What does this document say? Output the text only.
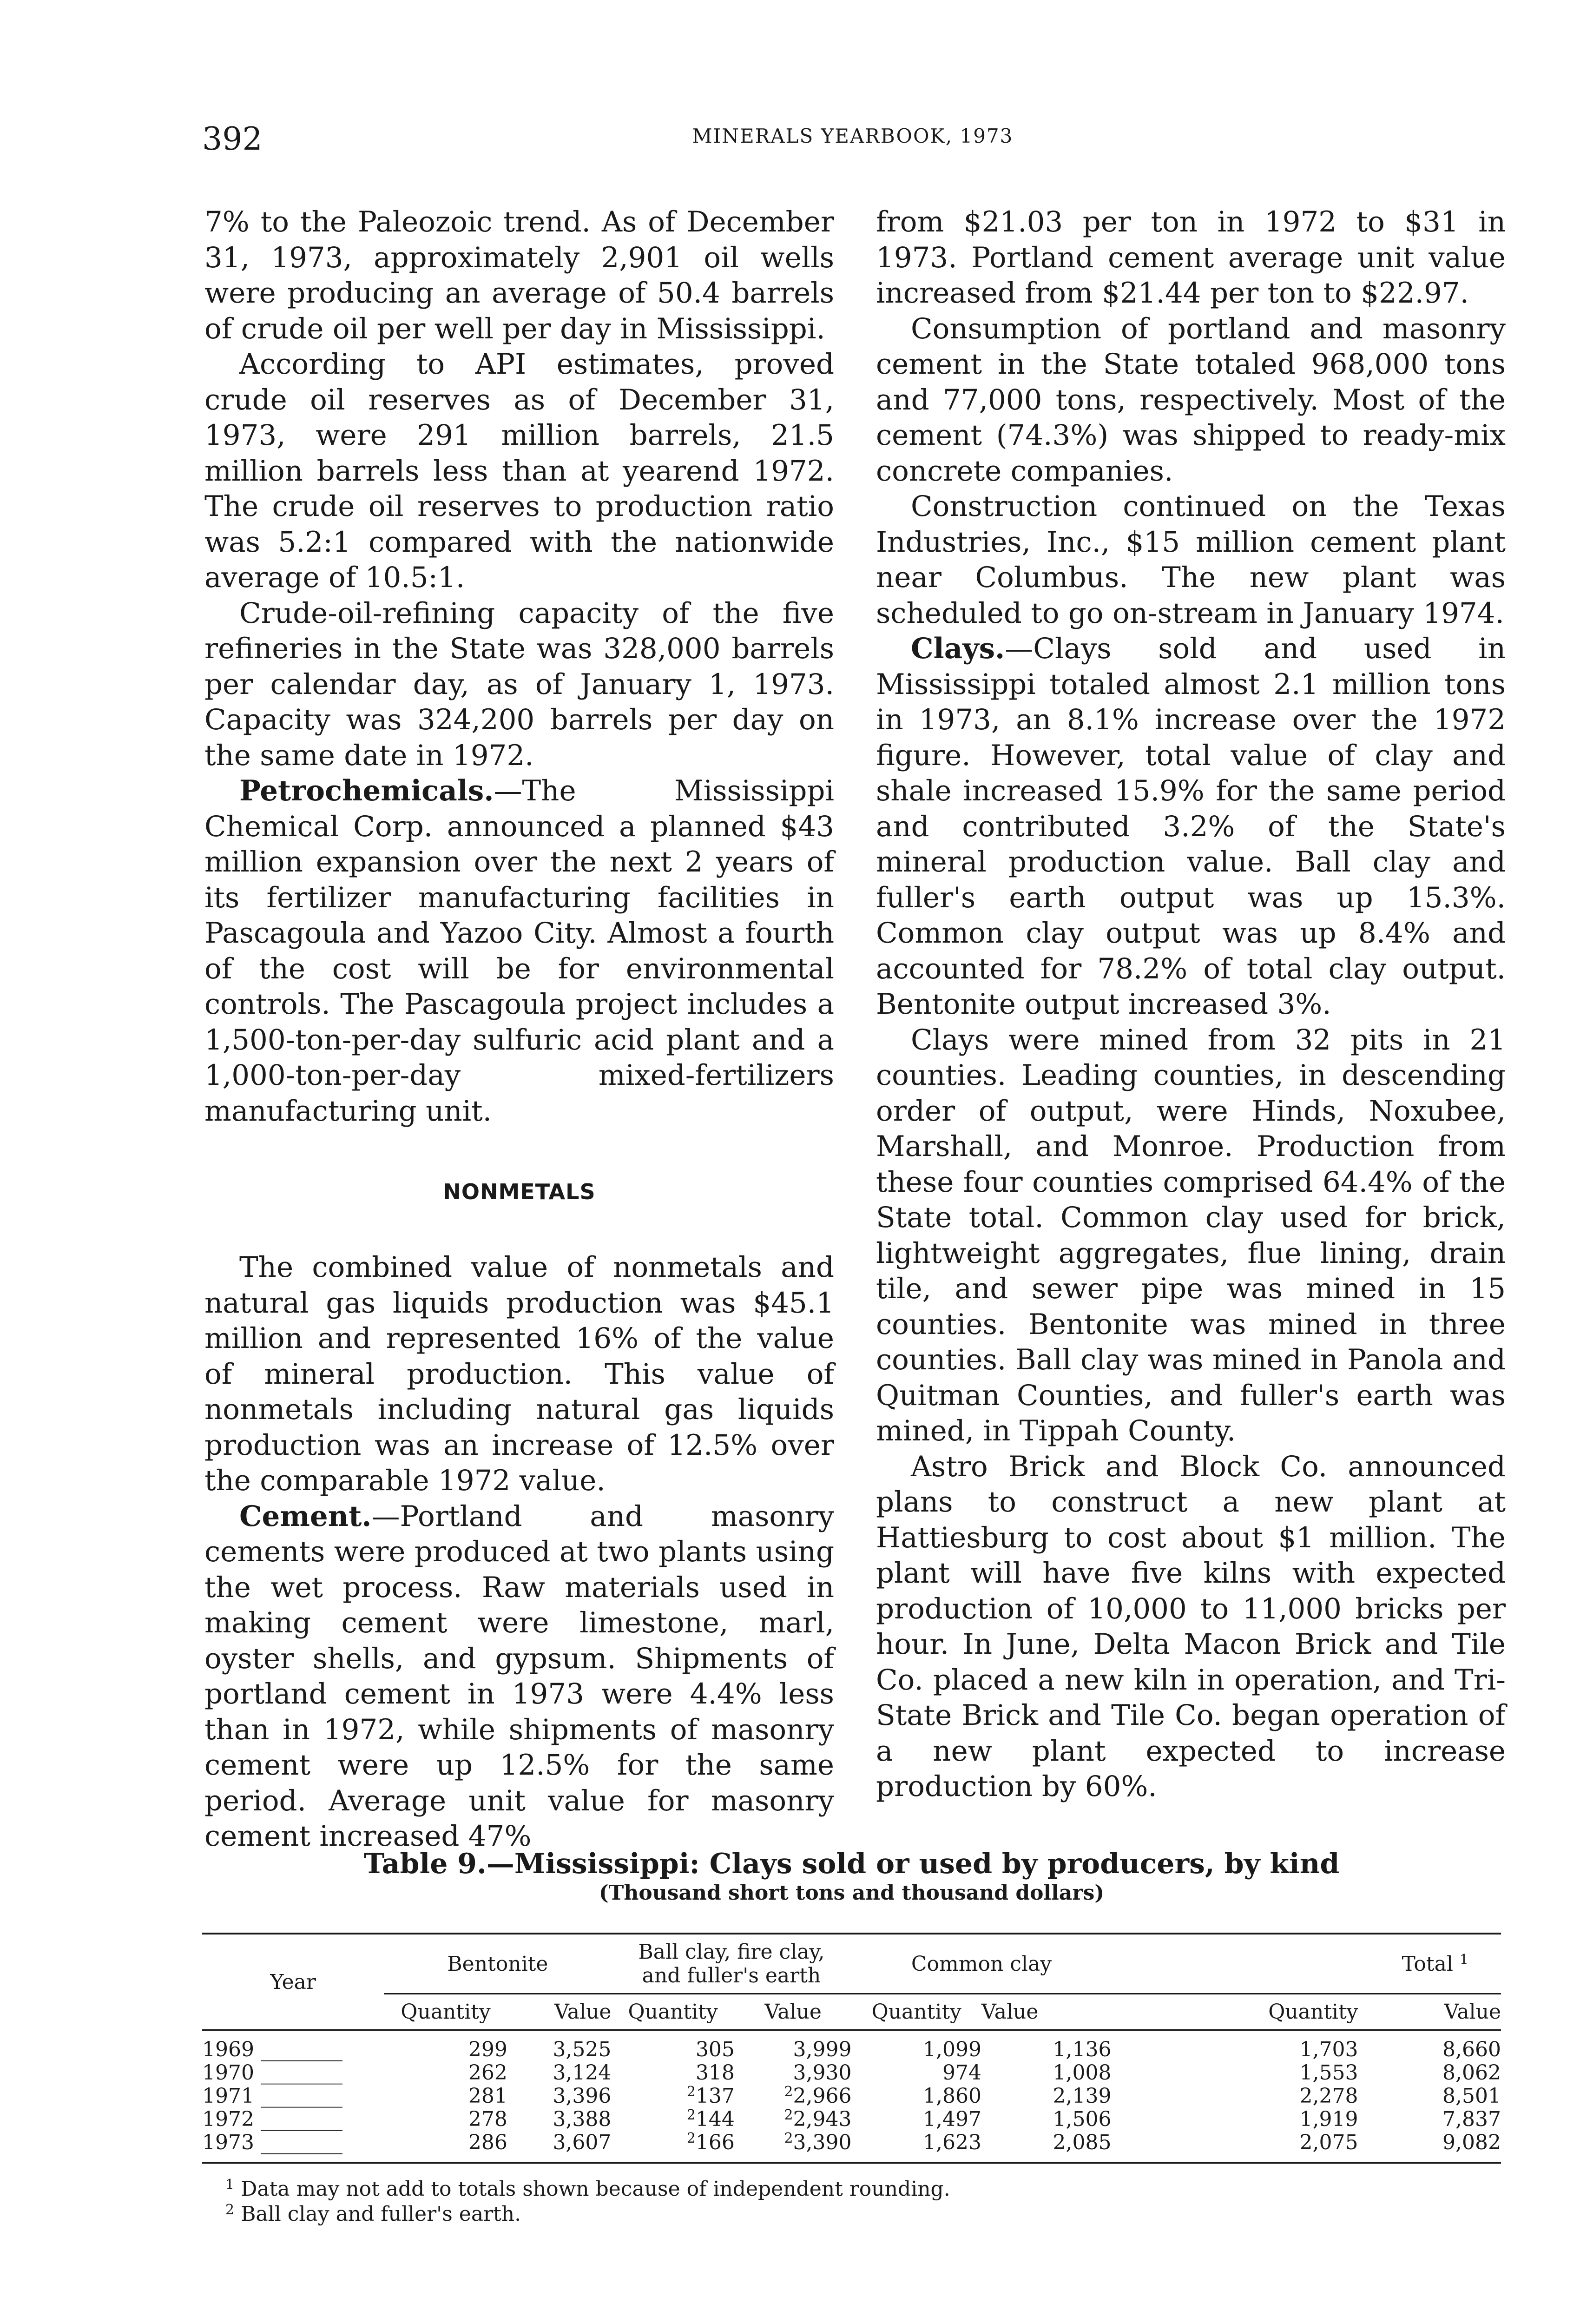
392	MINERALS YEARBOOK, 1973

7% to the Paleozoic trend. As of December 31, 1973, approximately 2,901 oil wells were producing an average of 50.4 barrels of crude oil per well per day in Mississippi.

According to API estimates, proved crude oil reserves as of December 31, 1973, were 291 million barrels, 21.5 million barrels less than at yearend 1972. The crude oil reserves to production ratio was 5.2:1 compared with the nationwide average of 10.5:1.

Crude-oil-refining capacity of the five refineries in the State was 328,000 barrels per calendar day, as of January 1, 1973. Capacity was 324,200 barrels per day on the same date in 1972.

Petrochemicals.—The Mississippi Chemical Corp. announced a planned $43 million expansion over the next 2 years of its fertilizer manufacturing facilities in Pascagoula and Yazoo City. Almost a fourth of the cost will be for environmental controls. The Pascagoula project includes a 1,500-ton-per-day sulfuric acid plant and a 1,000-ton-per-day mixed-fertilizers manufacturing unit.

NONMETALS

The combined value of nonmetals and natural gas liquids production was $45.1 million and represented 16% of the value of mineral production. This value of nonmetals including natural gas liquids production was an increase of 12.5% over the comparable 1972 value.

Cement.—Portland and masonry cements were produced at two plants using the wet process. Raw materials used in making cement were limestone, marl, oyster shells, and gypsum. Shipments of portland cement in 1973 were 4.4% less than in 1972, while shipments of masonry cement were up 12.5% for the same period. Average unit value for masonry cement increased 47%

from $21.03 per ton in 1972 to $31 in 1973. Portland cement average unit value increased from $21.44 per ton to $22.97.

Consumption of portland and masonry cement in the State totaled 968,000 tons and 77,000 tons, respectively. Most of the cement (74.3%) was shipped to ready-mix concrete companies.

Construction continued on the Texas Industries, Inc., $15 million cement plant near Columbus. The new plant was scheduled to go on-stream in January 1974.

Clays.—Clays sold and used in Mississippi totaled almost 2.1 million tons in 1973, an 8.1% increase over the 1972 figure. However, total value of clay and shale increased 15.9% for the same period and contributed 3.2% of the State's mineral production value. Ball clay and fuller's earth output was up 15.3%. Common clay output was up 8.4% and accounted for 78.2% of total clay output. Bentonite output increased 3%.

Clays were mined from 32 pits in 21 counties. Leading counties, in descending order of output, were Hinds, Noxubee, Marshall, and Monroe. Production from these four counties comprised 64.4% of the State total. Common clay used for brick, lightweight aggregates, flue lining, drain tile, and sewer pipe was mined in 15 counties. Bentonite was mined in three counties. Ball clay was mined in Panola and Quitman Counties, and fuller's earth was mined, in Tippah County.

Astro Brick and Block Co. announced plans to construct a new plant at Hattiesburg to cost about $1 million. The plant will have five kilns with expected production of 10,000 to 11,000 bricks per hour. In June, Delta Macon Brick and Tile Co. placed a new kiln in operation, and Tri-State Brick and Tile Co. began operation of a new plant expected to increase production by 60%.

Table 9.—Mississippi: Clays sold or used by producers, by kind
(Thousand short tons and thousand dollars)
Year	Bentonite		Ball clay, fire clay,
and fuller's earth		Common clay		Total $^1$
	Quantity	Value	Quantity	Value	Quantity	Value	Quantity	Value
1969 ________	299	3,525	305	3,999	1,099	1,136	1,703	8,660
1970 ________	262	3,124	318	3,930	974	1,008	1,553	8,062
1971 ________	281	3,396	$^2$137	$^2$2,966	1,860	2,139	2,278	8,501
1972 ________	278	3,388	$^2$144	$^2$2,943	1,497	1,506	1,919	7,837
1973 ________	286	3,607	$^2$166	$^2$3,390	1,623	2,085	2,075	9,082
$^1$ Data may not add to totals shown because of independent rounding.
$^2$ Ball clay and fuller's earth.
